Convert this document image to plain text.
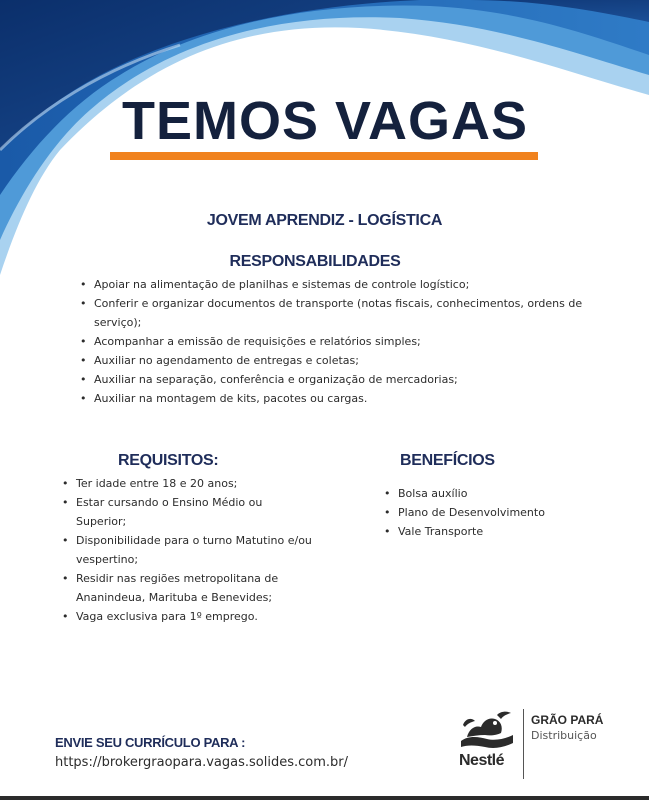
TEMOS VAGAS
JOVEM APRENDIZ - LOGÍSTICA
RESPONSABILIDADES
• Apoiar na alimentação de planilhas e sistemas de controle logístico;
• Conferir e organizar documentos de transporte (notas fiscais, conhecimentos, ordens de serviço);
• Acompanhar a emissão de requisições e relatórios simples;
• Auxiliar no agendamento de entregas e coletas;
• Auxiliar na separação, conferência e organização de mercadorias;
• Auxiliar na montagem de kits, pacotes ou cargas.
REQUISITOS:
• Ter idade entre 18 e 20 anos;
• Estar cursando o Ensino Médio ou Superior;
• Disponibilidade para o turno Matutino e/ou vespertino;
• Residir nas regiões metropolitana de Ananindeua, Marituba e Benevides;
• Vaga exclusiva para 1º emprego.
BENEFÍCIOS
• Bolsa auxílio
• Plano de Desenvolvimento
• Vale Transporte
ENVIE SEU CURRÍCULO PARA :
https://brokergraopara.vagas.solides.com.br/	Nestlé
GRÃO PARÁ
Distribuição
